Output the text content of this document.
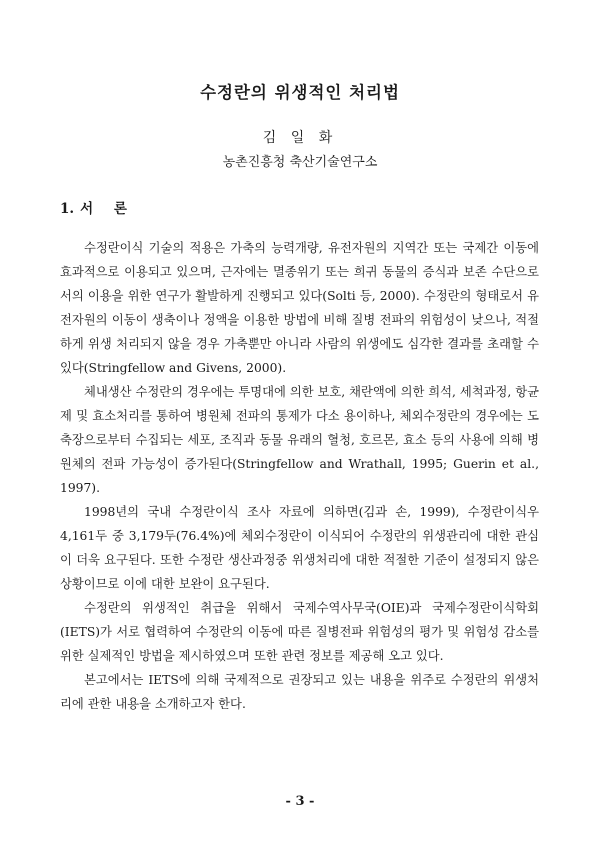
수정란의 위생적인 처리법
김 일 화
농촌진흥청 축산기술연구소
1. 서 론

수정란이식 기술의 적용은 가축의 능력개량, 유전자원의 지역간 또는 국제간 이동에 효과적으로 이용되고 있으며, 근자에는 멸종위기 또는 희귀 동물의 증식과 보존 수단으로서의 이용을 위한 연구가 활발하게 진행되고 있다(Solti 등, 2000). 수정란의 형태로서 유전자원의 이동이 생축이나 정액을 이용한 방법에 비해 질병 전파의 위험성이 낮으나, 적절하게 위생 처리되지 않을 경우 가축뿐만 아니라 사람의 위생에도 심각한 결과를 초래할 수 있다(Stringfellow and Givens, 2000).

체내생산 수정란의 경우에는 투명대에 의한 보호, 채란액에 의한 희석, 세척과정, 항균제 및 효소처리를 통하여 병원체 전파의 통제가 다소 용이하나, 체외수정란의 경우에는 도축장으로부터 수집되는 세포, 조직과 동물 유래의 혈청, 호르몬, 효소 등의 사용에 의해 병원체의 전파 가능성이 증가된다(Stringfellow and Wrathall, 1995; Guerin et al., 1997).

1998년의 국내 수정란이식 조사 자료에 의하면(김과 손, 1999), 수정란이식우 4,161두 중 3,179두(76.4%)에 체외수정란이 이식되어 수정란의 위생관리에 대한 관심이 더욱 요구된다. 또한 수정란 생산과정중 위생처리에 대한 적절한 기준이 설정되지 않은 상황이므로 이에 대한 보완이 요구된다.

수정란의 위생적인 취급을 위해서 국제수역사무국(OIE)과 국제수정란이식학회(IETS)가 서로 협력하여 수정란의 이동에 따른 질병전파 위험성의 평가 및 위험성 감소를 위한 실제적인 방법을 제시하였으며 또한 관련 정보를 제공해 오고 있다.

본고에서는 IETS에 의해 국제적으로 권장되고 있는 내용을 위주로 수정란의 위생처리에 관한 내용을 소개하고자 한다.

- 3 -
